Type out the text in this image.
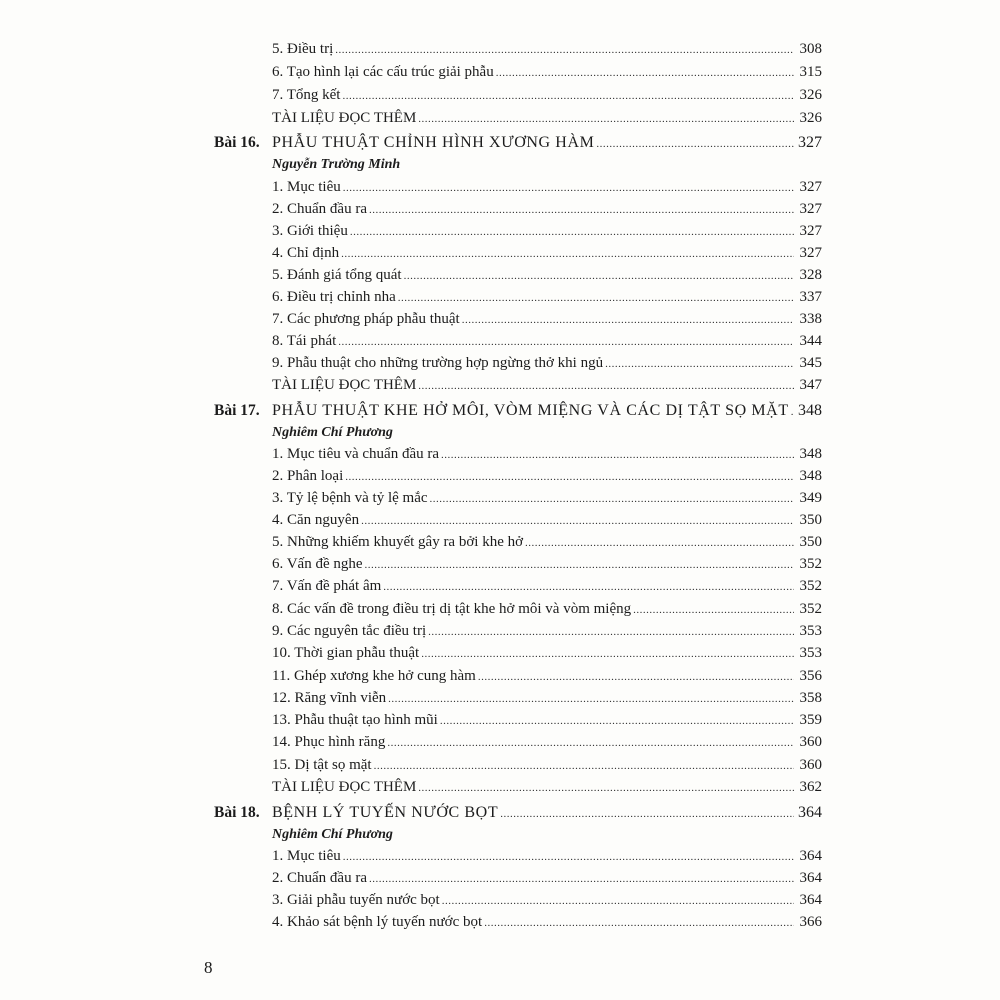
5. Điều trị .....	308
6. Tạo hình lại các cấu trúc giải phẫu .....	315
7. Tổng kết .....	326
TÀI LIỆU ĐỌC THÊM .....	326
Bài 16. PHẪU THUẬT CHỈNH HÌNH XƯƠNG HÀM .....	327
Nguyễn Trường Minh
1. Mục tiêu .....	327
2. Chuẩn đầu ra .....	327
3. Giới thiệu .....	327
4. Chỉ định .....	327
5. Đánh giá tổng quát .....	328
6. Điều trị chỉnh nha .....	337
7. Các phương pháp phẫu thuật .....	338
8. Tái phát .....	344
9. Phẫu thuật cho những trường hợp ngừng thở khi ngủ .....	345
TÀI LIỆU ĐỌC THÊM .....	347
Bài 17. PHẪU THUẬT KHE HỞ MÔI, VÒM MIỆNG VÀ CÁC DỊ TẬT SỌ MẶT ..... 348
Nghiêm Chí Phương
1. Mục tiêu và chuẩn đầu ra .....	348
2. Phân loại .....	348
3. Tỷ lệ bệnh và tỷ lệ mắc .....	349
4. Căn nguyên .....	350
5. Những khiếm khuyết gây ra bởi khe hở .....	350
6. Vấn đề nghe .....	352
7. Vấn đề phát âm .....	352
8. Các vấn đề trong điều trị dị tật khe hở môi và vòm miệng .....	352
9. Các nguyên tắc điều trị .....	353
10. Thời gian phẫu thuật .....	353
11. Ghép xương khe hở cung hàm .....	356
12. Răng vĩnh viễn .....	358
13. Phẫu thuật tạo hình mũi .....	359
14. Phục hình răng .....	360
15. Dị tật sọ mặt .....	360
TÀI LIỆU ĐỌC THÊM .....	362
Bài 18. BỆNH LÝ TUYẾN NƯỚC BỌT .....	364
Nghiêm Chí Phương
1. Mục tiêu .....	364
2. Chuẩn đầu ra .....	364
3. Giải phẫu tuyến nước bọt .....	364
4. Khảo sát bệnh lý tuyến nước bọt .....	366
8
